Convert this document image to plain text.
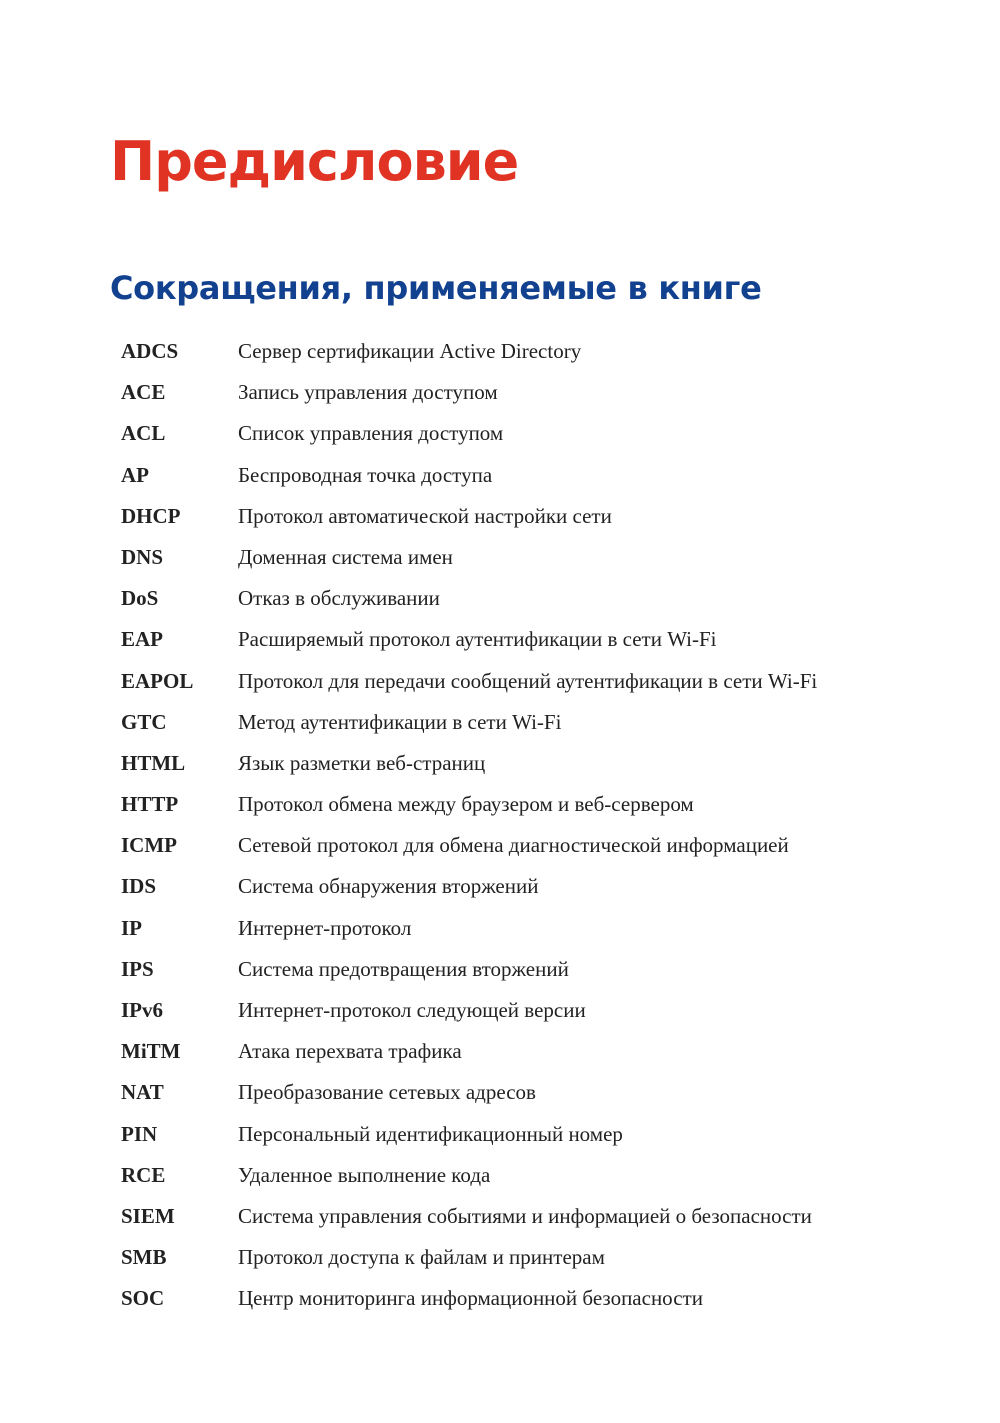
Предисловие
Сокращения, применяемые в книге
ADCS	Сервер сертификации Active Directory
ACE	Запись управления доступом
ACL	Список управления доступом
AP	Беспроводная точка доступа
DHCP	Протокол автоматической настройки сети
DNS	Доменная система имен
DoS	Отказ в обслуживании
EAP	Расширяемый протокол аутентификации в сети Wi-Fi
EAPOL	Протокол для передачи сообщений аутентификации в сети Wi-Fi
GTC	Метод аутентификации в сети Wi-Fi
HTML	Язык разметки веб-страниц
HTTP	Протокол обмена между браузером и веб-сервером
ICMP	Сетевой протокол для обмена диагностической информацией
IDS	Система обнаружения вторжений
IP	Интернет-протокол
IPS	Система предотвращения вторжений
IPv6	Интернет-протокол следующей версии
MiTM	Атака перехвата трафика
NAT	Преобразование сетевых адресов
PIN	Персональный идентификационный номер
RCE	Удаленное выполнение кода
SIEM	Система управления событиями и информацией о безопасности
SMB	Протокол доступа к файлам и принтерам
SOC	Центр мониторинга информационной безопасности
